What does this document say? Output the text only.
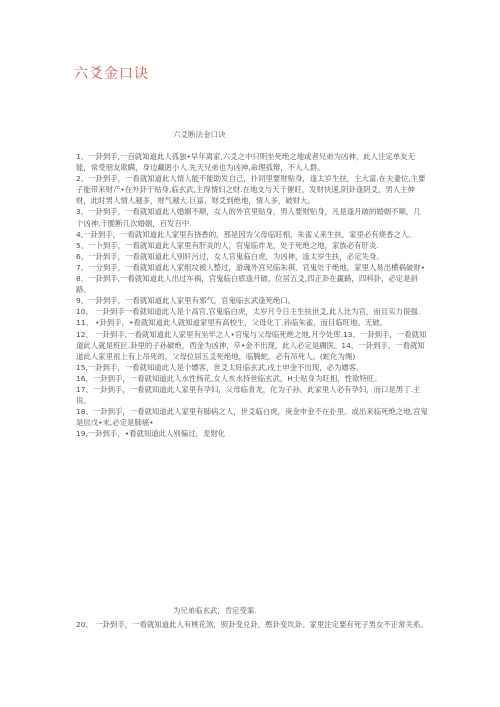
六爻金口诀
六爻断法金口诀

1、一卦到手,一百就知道此人孤独•早年离家,六爻之中只明坐死绝之地或者兄弟为凶神，此人注定单友无能，常受朋友欺瞒，身边藏匿小人.先天兄弟也为凶神,命理孤辩，不入人群。

2、一卦到手，一看就知道此人情人能不能助发自己，扑同里要财贴身，逢太岁生扶，主大富.在夫妻位,主要子能带来财产•在外卦干贴身,临玄武,主得情妇之财.在地支与天干催旺，发财快速,阴卦逢阴爻，男人主伸财，此时男人情人越多，财气越大.巨富，财爻到绝地，情人多，破财大。

3、一卦到手，一看就知道此人婚姻不顺，女人的外官里贴身，男人要财贴身，凡是逢月破的婚姻不顺，几个凶神,干脆断几次婚姻，百发百中.

4,一卦到手，一看就知道此人家里有挠香的，那是因为父母临旺相，朱雀乂来生扶，家里必有烧香之人。

5、一卜到手，一看就知道此人家里有肝炎的人，官鬼临炸龙，处于死绝之地，家族必有肝炎.

6、一卦到手，一看就知道此人别奸污过，女人官鬼临白虎，为凶神，逢太岁生扶，必定失身。

7、一分到手，一看就知道此人家组坟被人整过，游魂外宫兄临朱祺，官鬼处于绝地，家里人易出横祸破财•

8、一卦到手,一看就知道此人出过车祸，官鬼临白底逢月破，位居五爻,四正卦在赢路，四科卦，必定是斜路。

9、一卦到手，一看就知道此人家里有邪气，官鬼临玄武逢死绝口。

10、 一卦到手一看就知道此人是个高官,官鬼临白虎，太岁月令日主生扶世爻,此人比为官，而且实力很强.

11、 •卦到手，•看就知道此人就知道家里有高校生，父母化丁.孙临朱雀，而目临旺地。无破。

12、 一卦到手,一看就知道此人家里有坐牢之人•官鬼与父母临死绝之地,月令处库.13、一卦到手，一看就知道此人就是班匠.卦里的子孙破绝，西金为凶神，卒•金不出现，此人必定是瘸医。14、一卦到手，一看就知道此人家里祖上有上吊死的，父母位居五爻死绝地，临腾蛇。必有吊死人。(蛇化为绳)

15,一卦到手，一看就知道此人是个嫖客，世爻太旺临玄武,戌士申金不出现，必为嫖客。

16、一卦到手，一看就知道此人水性杨花,女人亥水持世临玄武，H士贴身为旺相，性欲特旺。

17、一卦到手，一看就知道此人家里有孕妇，父母临青龙，化为子孙，此家里人必有孕妇，而口是男丁.主说。

18、一卦到手，一看就知道此人家里有肺病之人，世爻临白虎，庚金申金不在扑里。或出来临死绝之地,宫鬼是辰戊•未,必定是肺癌•

19,一卦到手，•看就知道此人别偏过，麦财化

为兄弟临玄武，肯定受案.

20、 一卦到手，一看就知道此人有桃花煞，照卦变兑卦，憨卦变坎卦。家里注定要有死子男女不正常关系。
